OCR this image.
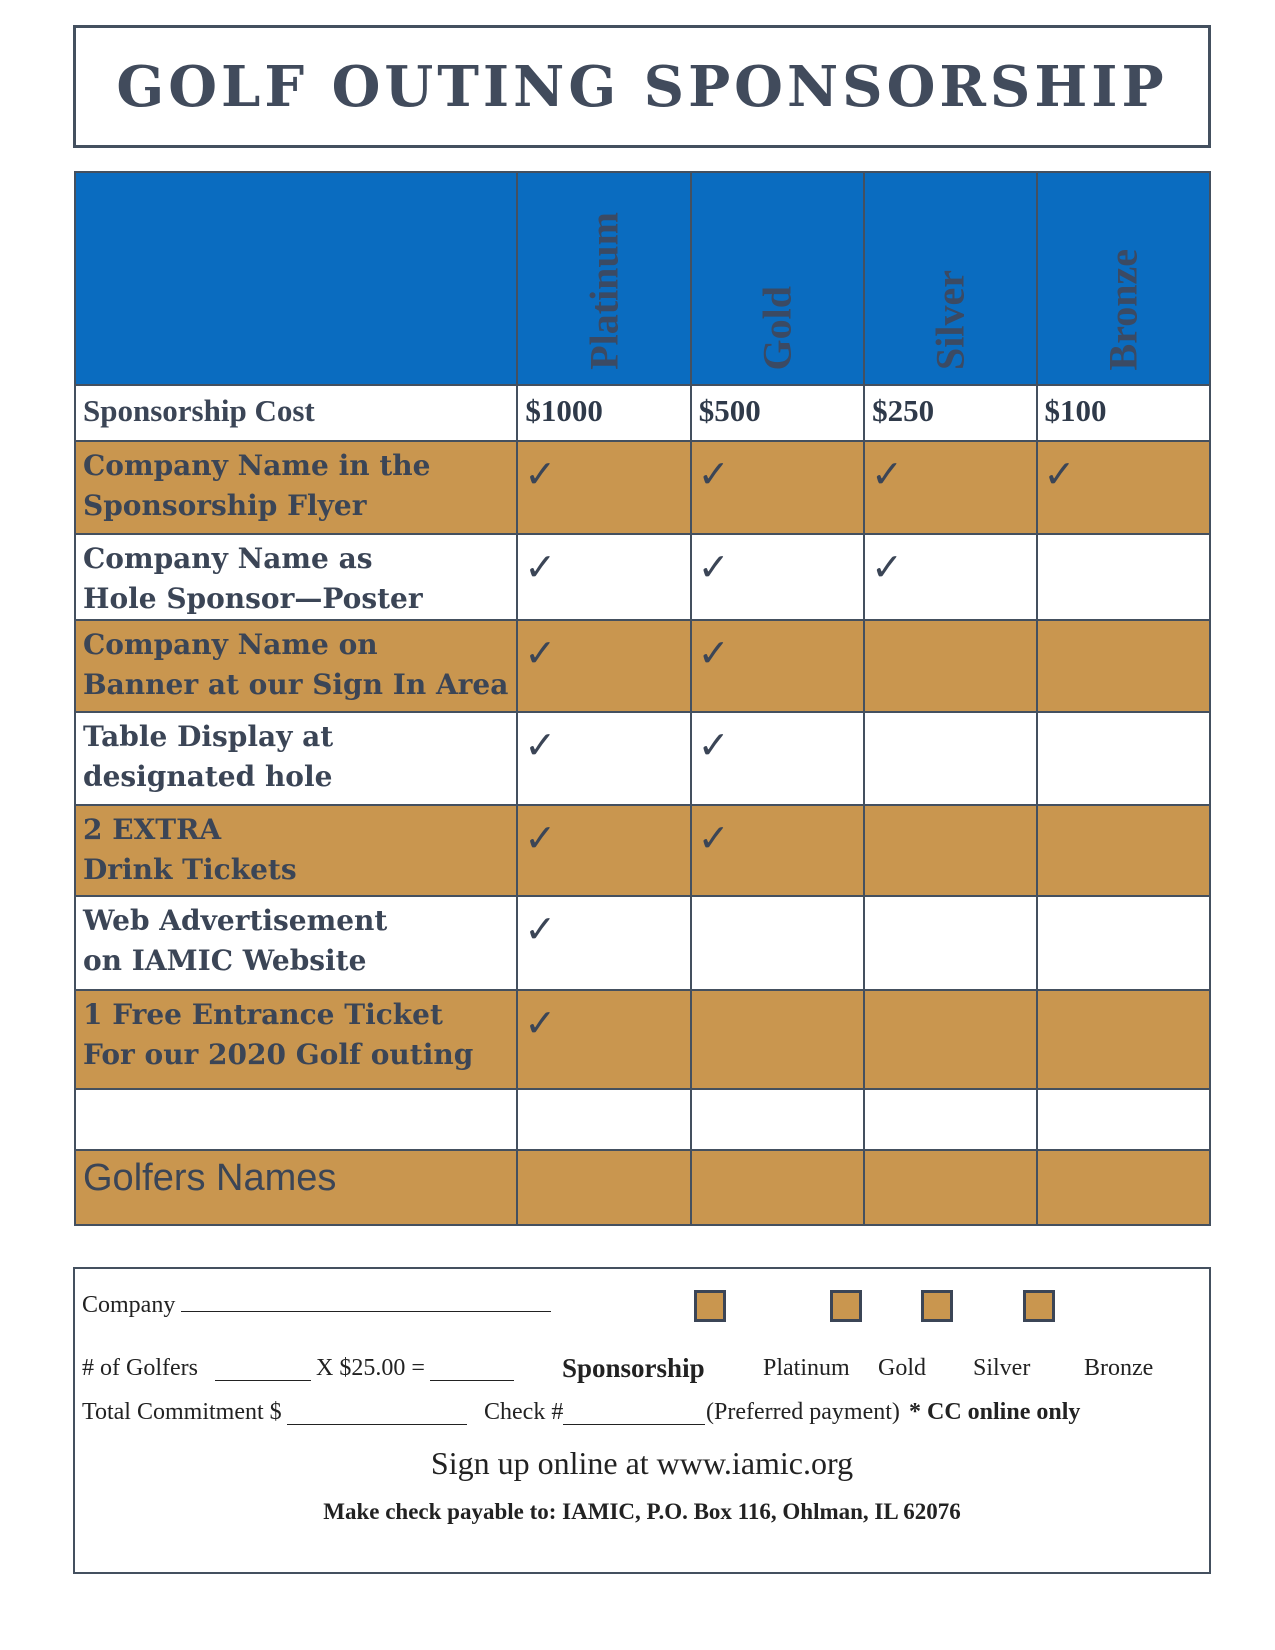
GOLF OUTING SPONSORSHIP

	Platinum	Gold	Silver	Bronze

Sponsorship Cost	$1000	$500	$250	$100

Company Name in the
Sponsorship Flyer	✓	✓	✓	✓

Company Name as
Hole Sponsor—Poster	✓	✓	✓	

Company Name on
Banner at our Sign In Area	✓	✓		

Table Display at
designated hole	✓	✓		

2 EXTRA
Drink Tickets	✓	✓		

Web Advertisement
on IAMIC Website	✓			

1 Free Entrance Ticket
For our 2020 Golf outing	✓			

Golfers Names				

Company
# of Golfers	X $25.00 =	Sponsorship Platinum Gold Silver Bronze
Total Commitment $	Check #	(Preferred payment) * CC online only
Sign up online at www.iamic.org
Make check payable to: IAMIC, P.O. Box 116, Ohlman, IL 62076
